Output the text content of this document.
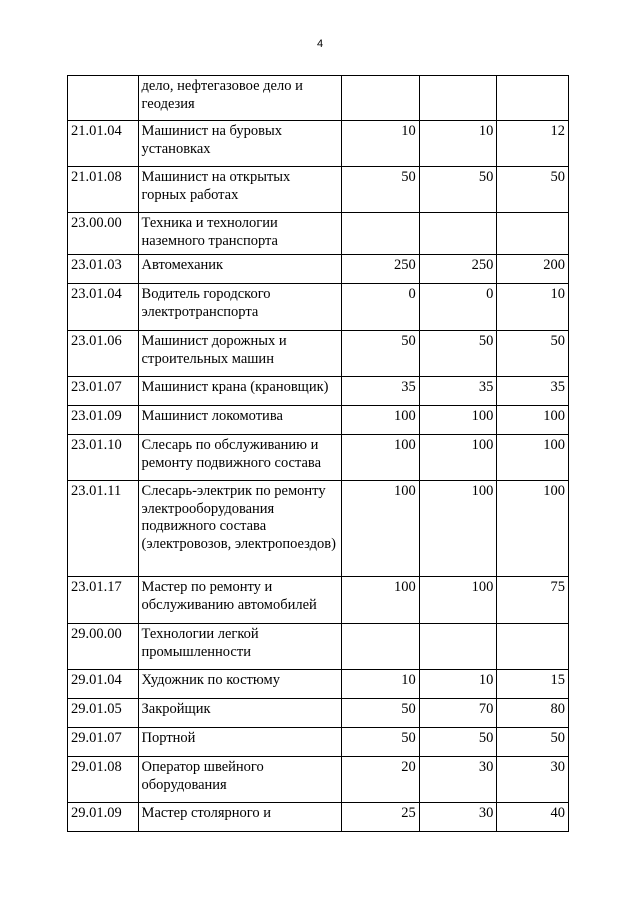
4
	дело, нефтегазовое дело и геодезия			
21.01.04	Машинист на буровых установках	10	10	12
21.01.08	Машинист на открытых горных работах	50	50	50
23.00.00	Техника и технологии наземного транспорта			
23.01.03	Автомеханик	250	250	200
23.01.04	Водитель городского электротранспорта	0	0	10
23.01.06	Машинист дорожных и строительных машин	50	50	50
23.01.07	Машинист крана (крановщик)	35	35	35
23.01.09	Машинист локомотива	100	100	100
23.01.10	Слесарь по обслуживанию и ремонту подвижного состава	100	100	100
23.01.11	Слесарь-электрик по ремонту электрооборудования подвижного состава (электровозов, электропоездов)	100	100	100
23.01.17	Мастер по ремонту и обслуживанию автомобилей	100	100	75
29.00.00	Технологии легкой промышленности			
29.01.04	Художник по костюму	10	10	15
29.01.05	Закройщик	50	70	80
29.01.07	Портной	50	50	50
29.01.08	Оператор швейного оборудования	20	30	30
29.01.09	Мастер столярного и	25	30	40
